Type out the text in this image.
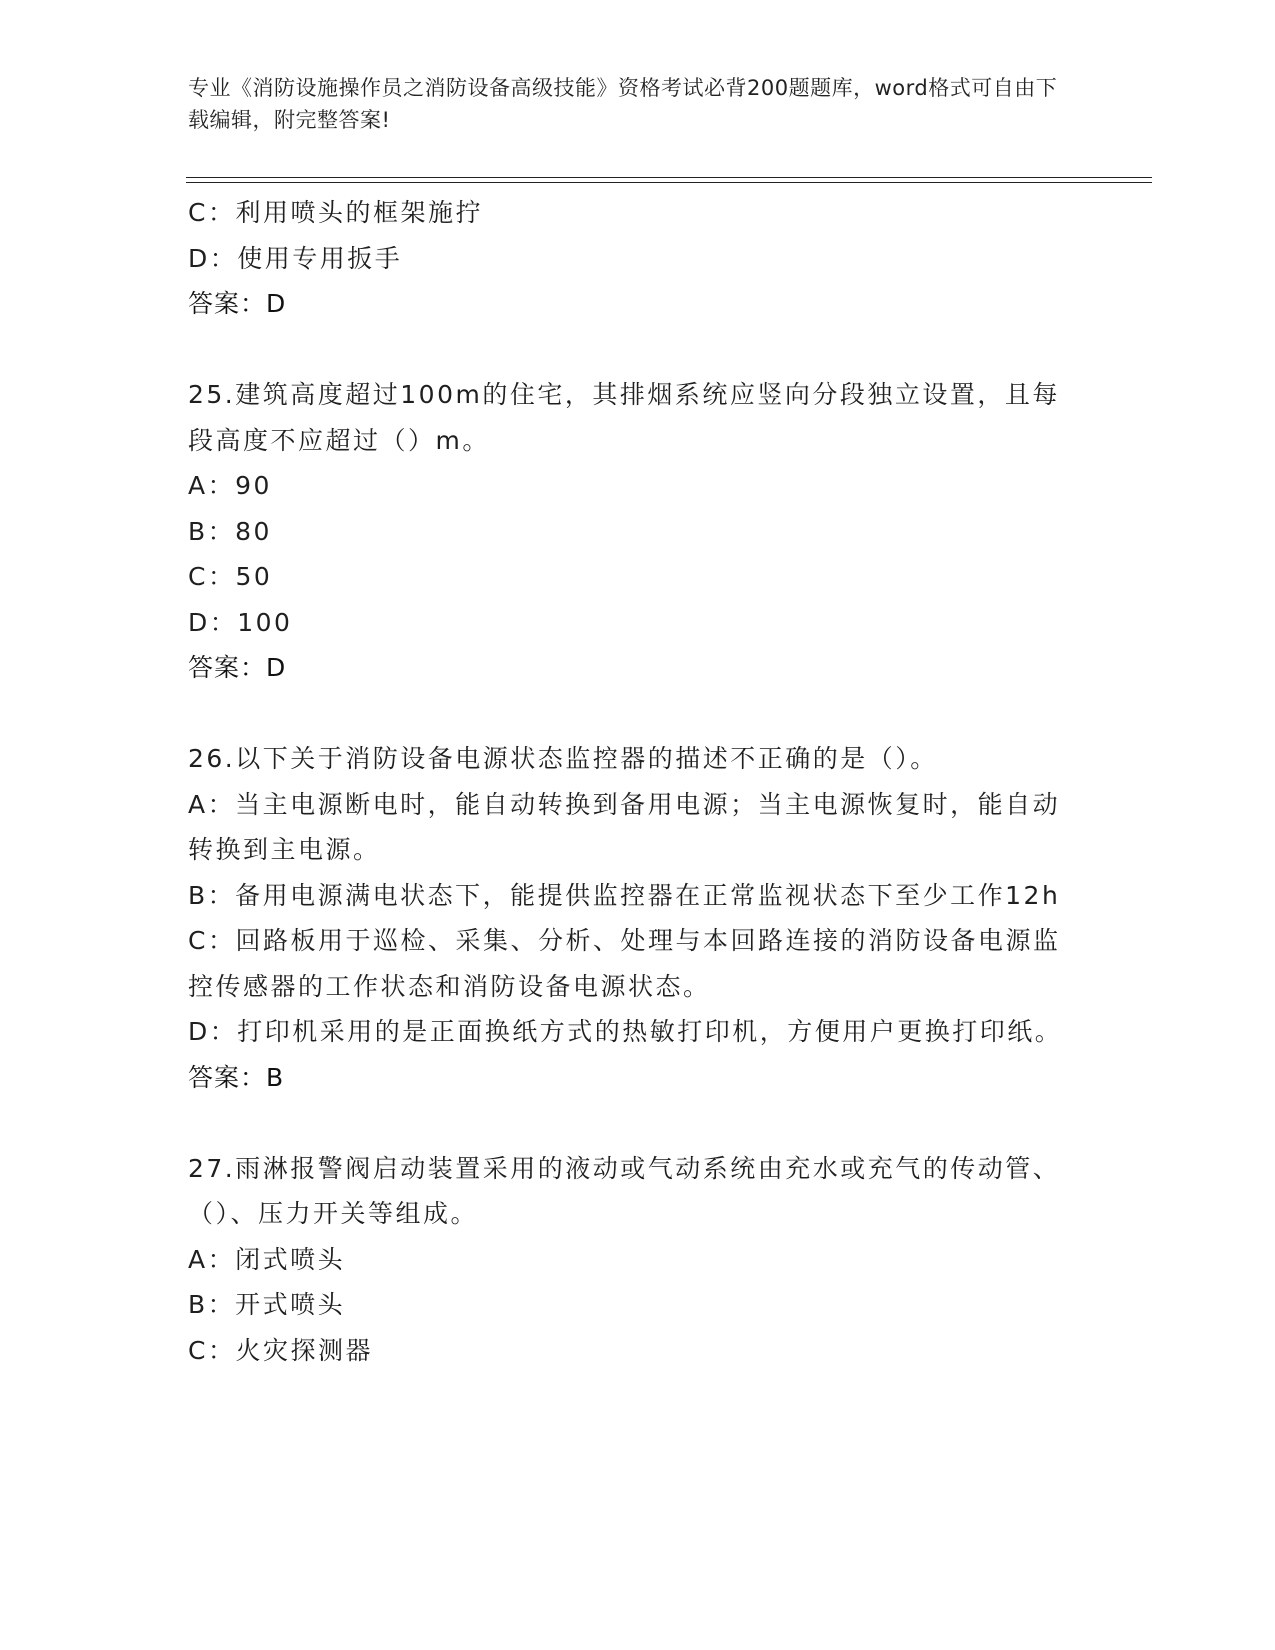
专业《消防设施操作员之消防设备高级技能》资格考试必背200题题库，word格式可自由下载编辑，附完整答案!
C：利用喷头的框架施拧
D：使用专用扳手
答案：D
25.建筑高度超过100m的住宅，其排烟系统应竖向分段独立设置，且每段高度不应超过（）m。
A：90
B：80
C：50
D：100
答案：D
26.以下关于消防设备电源状态监控器的描述不正确的是（）。
A：当主电源断电时，能自动转换到备用电源；当主电源恢复时，能自动转换到主电源。
B：备用电源满电状态下，能提供监控器在正常监视状态下至少工作12h
C：回路板用于巡检、采集、分析、处理与本回路连接的消防设备电源监控传感器的工作状态和消防设备电源状态。
D：打印机采用的是正面换纸方式的热敏打印机，方便用户更换打印纸。
答案：B
27.雨淋报警阀启动装置采用的液动或气动系统由充水或充气的传动管、（）、压力开关等组成。
A：闭式喷头
B：开式喷头
C：火灾探测器
